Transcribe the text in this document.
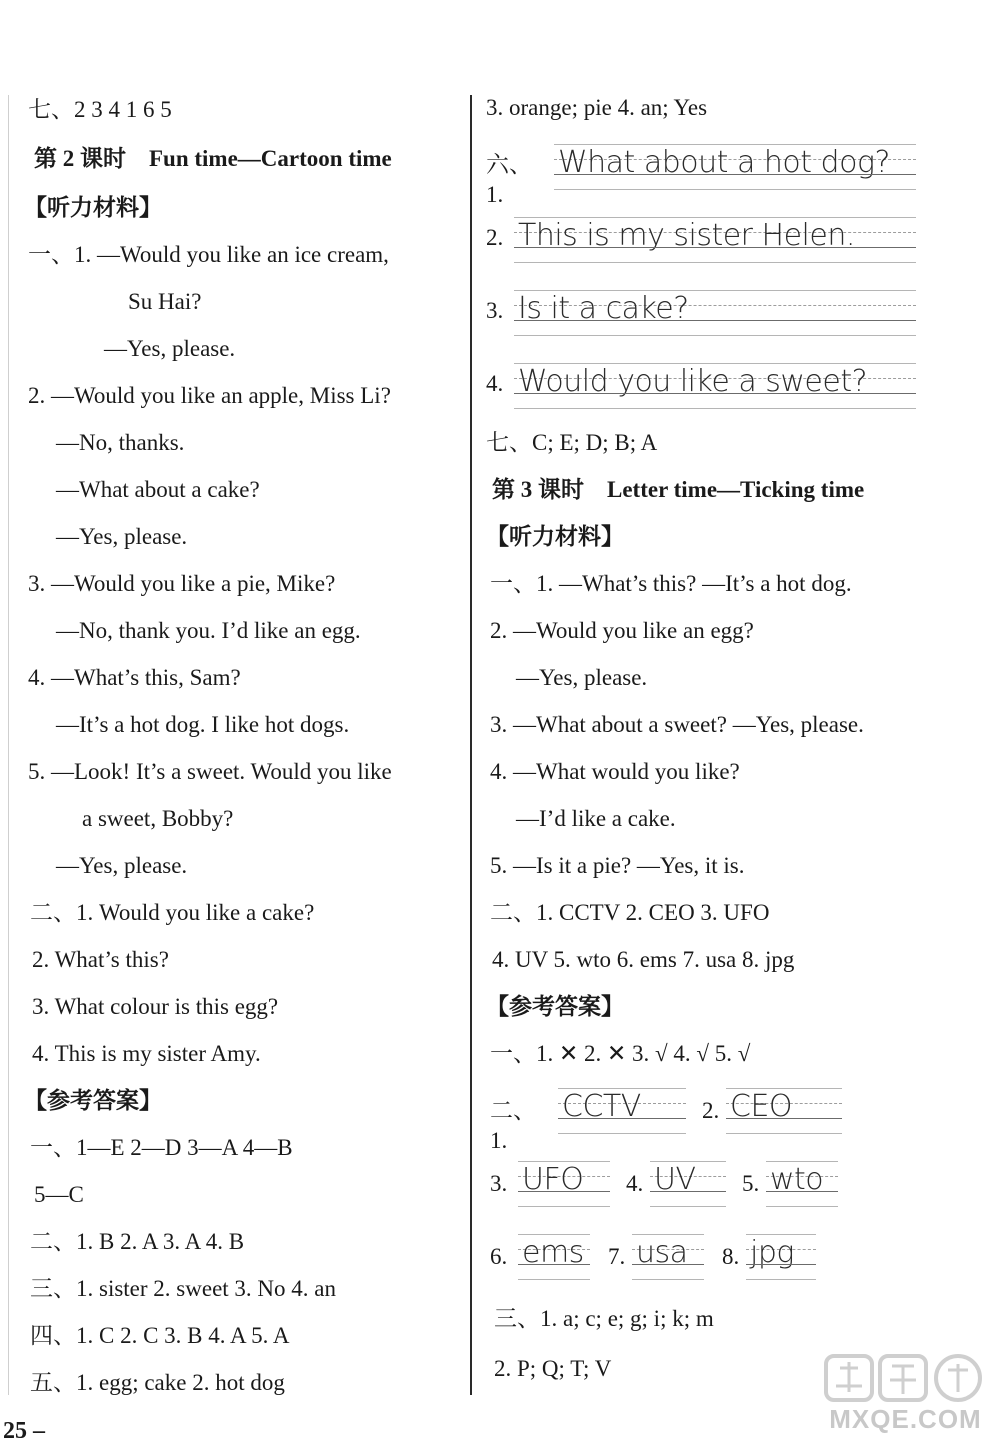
七、2 3 4 1 6 5
第 2 课时 Fun time—Cartoon time
【听力材料】
一、1. —Would you like an ice cream,
Su Hai?
—Yes, please.
2. —Would you like an apple, Miss Li?
—No, thanks.
—What about a cake?
—Yes, please.
3. —Would you like a pie, Mike?
—No, thank you. I’d like an egg.
4. —What’s this, Sam?
—It’s a hot dog. I like hot dogs.
5. —Look! It’s a sweet. Would you like
a sweet, Bobby?
—Yes, please.
二、1. Would you like a cake?
2. What’s this?
3. What colour is this egg?
4. This is my sister Amy.
【参考答案】
一、1—E 2—D 3—A 4—B
5—C
二、1. B 2. A 3. A 4. B
三、1. sister 2. sweet 3. No 4. an
四、1. C 2. C 3. B 4. A 5. A
五、1. egg; cake 2. hot dog
3. orange; pie 4. an; Yes
六、1.
What about a hot dog?
2. This is my sister Helen.
3. Is it a cake?
4. Would you like a sweet?
七、C; E; D; B; A
第 3 课时 Letter time—Ticking time
【听力材料】
一、1. —What’s this? —It’s a hot dog.
2. —Would you like an egg?
—Yes, please.
3. —What about a sweet? —Yes, please.
4. —What would you like?
—I’d like a cake.
5. —Is it a pie? —Yes, it is.
二、1. CCTV 2. CEO 3. UFO
4. UV 5. wto 6. ems 7. usa 8. jpg
【参考答案】
一、1. ✕ 2. ✕ 3. √ 4. √ 5. √
二、1.
CCTV	2. CEO
3. UFO 4. UV 5. wto
6. ems 7. usa 8. jpg
三、1. a; c; e; g; i; k; m
2. P; Q; T; V
25 –	MXQE.COM
